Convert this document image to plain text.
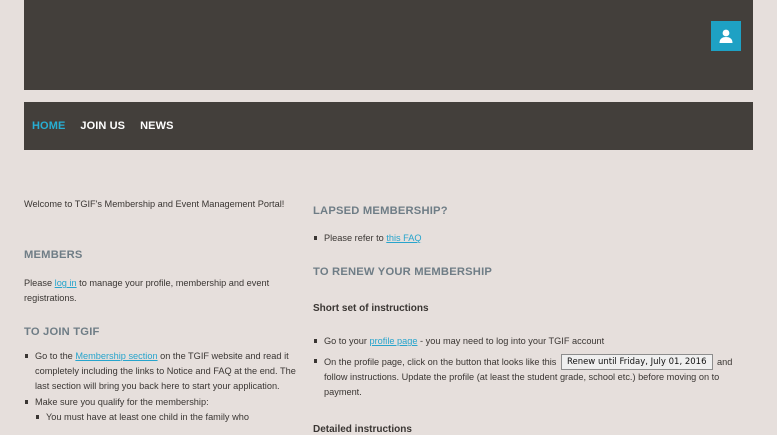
HOME JOIN US NEWS

Welcome to TGIF's Membership and Event Management Portal!

MEMBERS

Please log in to manage your profile, membership and event registrations.

TO JOIN TGIF
Go to the Membership section on the TGIF website and read it completely including the links to Notice and FAQ at the end. The last section will bring you back here to start your application.
Make sure you qualify for the membership:
You must have at least one child in the family who
LAPSED MEMBERSHIP?
Please refer to this FAQ
TO RENEW YOUR MEMBERSHIP
Short set of instructions
Go to your profile page - you may need to log into your TGIF account
On the profile page, click on the button that looks like this Renew until Friday, July 01, 2016 and follow instructions. Update the profile (at least the student grade, school etc.) before moving on to payment.
Detailed instructions
